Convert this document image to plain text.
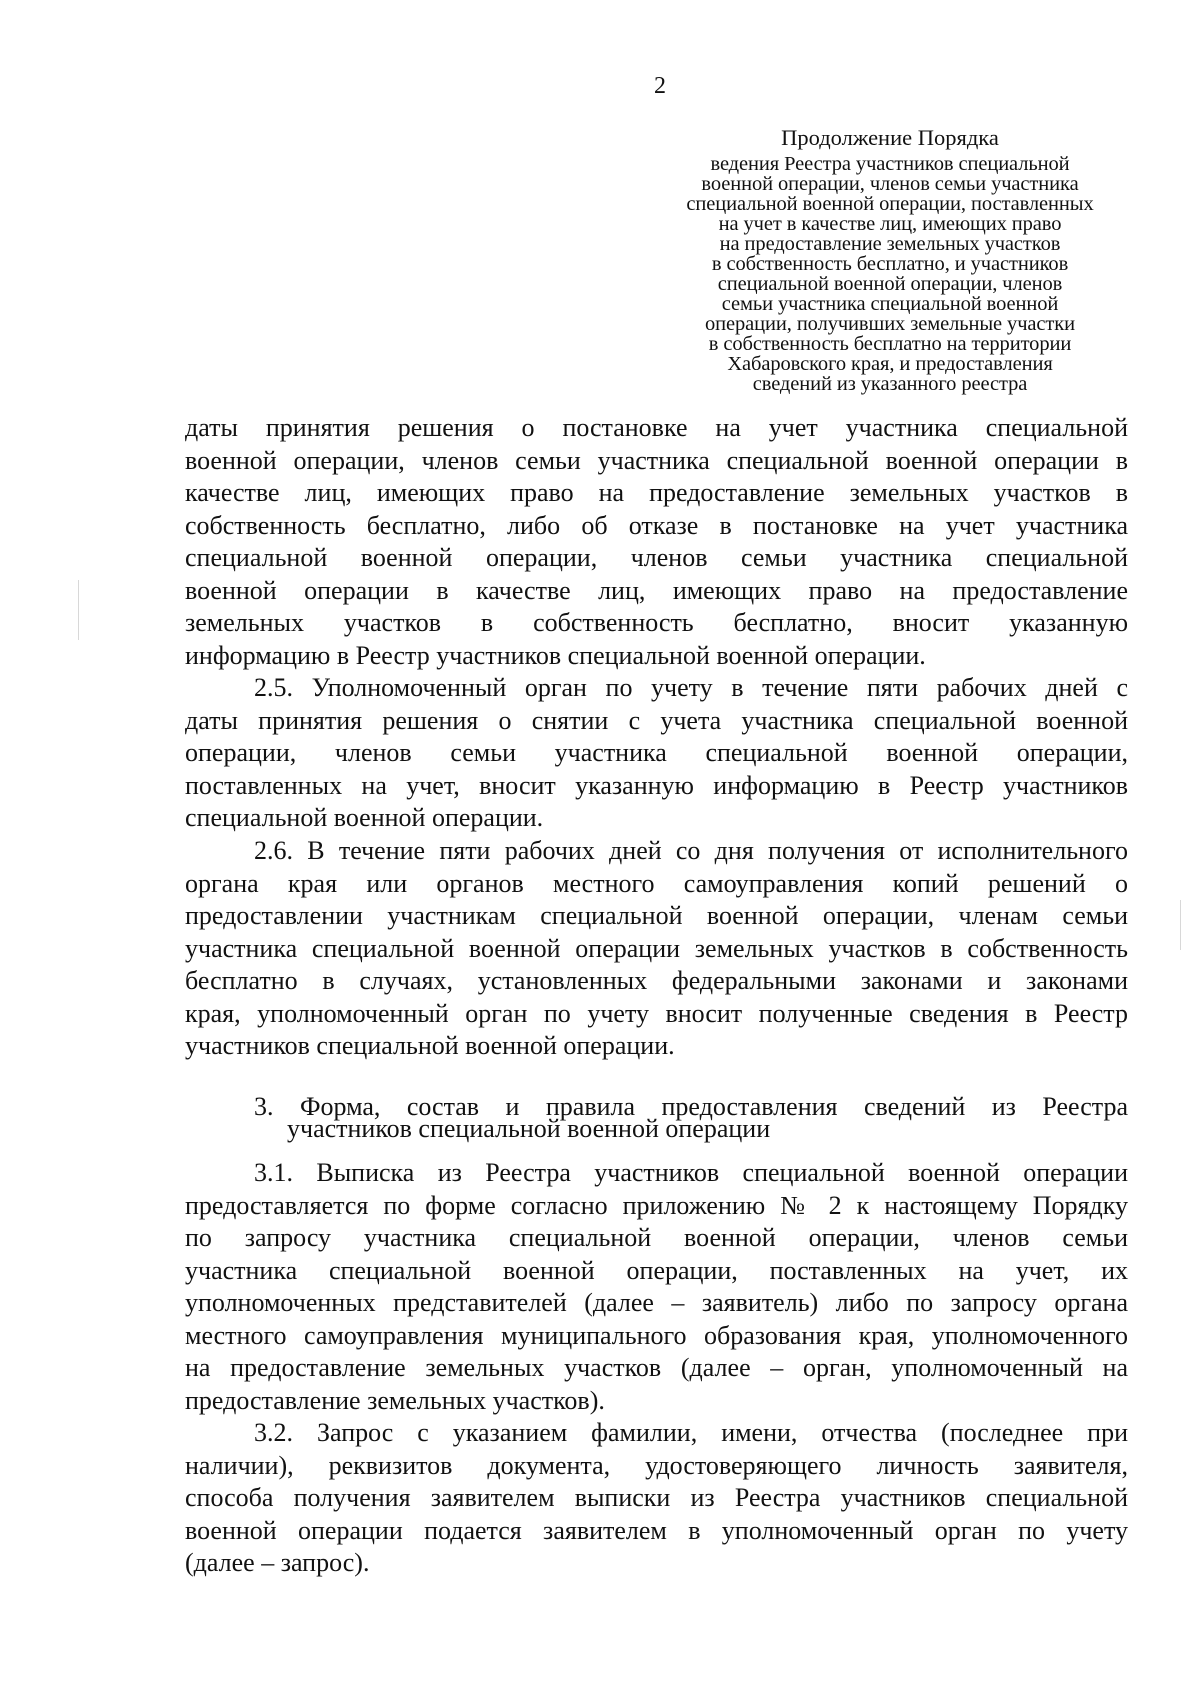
2
Продолжение Порядка
ведения Реестра участников специальной
военной операции, членов семьи участника
специальной военной операции, поставленных
на учет в качестве лиц, имеющих право
на предоставление земельных участков
в собственность бесплатно, и участников
специальной военной операции, членов
семьи участника специальной военной
операции, получивших земельные участки
в собственность бесплатно на территории
Хабаровского края, и предоставления
сведений из указанного реестра

даты принятия решения о постановке на учет участника специальной
военной операции, членов семьи участника специальной военной операции в
качестве лиц, имеющих право на предоставление земельных участков в
собственность бесплатно, либо об отказе в постановке на учет участника
специальной военной операции, членов семьи участника специальной
военной операции в качестве лиц, имеющих право на предоставление
земельных участков в собственность бесплатно, вносит указанную
информацию в Реестр участников специальной военной операции.

2.5. Уполномоченный орган по учету в течение пяти рабочих дней с
даты принятия решения о снятии с учета участника специальной военной
операции, членов семьи участника специальной военной операции,
поставленных на учет, вносит указанную информацию в Реестр участников
специальной военной операции.

2.6. В течение пяти рабочих дней со дня получения от исполнительного
органа края или органов местного самоуправления копий решений о
предоставлении участникам специальной военной операции, членам семьи
участника специальной военной операции земельных участков в собственность
бесплатно в случаях, установленных федеральными законами и законами
края, уполномоченный орган по учету вносит полученные сведения в Реестр
участников специальной военной операции.

3. Форма, состав и правила предоставления сведений из Реестра
участников специальной военной операции

3.1. Выписка из Реестра участников специальной военной операции
предоставляется по форме согласно приложению № 2 к настоящему Порядку
по запросу участника специальной военной операции, членов семьи
участника специальной военной операции, поставленных на учет, их
уполномоченных представителей (далее – заявитель) либо по запросу органа
местного самоуправления муниципального образования края, уполномоченного
на предоставление земельных участков (далее – орган, уполномоченный на
предоставление земельных участков).

3.2. Запрос с указанием фамилии, имени, отчества (последнее при
наличии), реквизитов документа, удостоверяющего личность заявителя,
способа получения заявителем выписки из Реестра участников специальной
военной операции подается заявителем в уполномоченный орган по учету
(далее – запрос).
